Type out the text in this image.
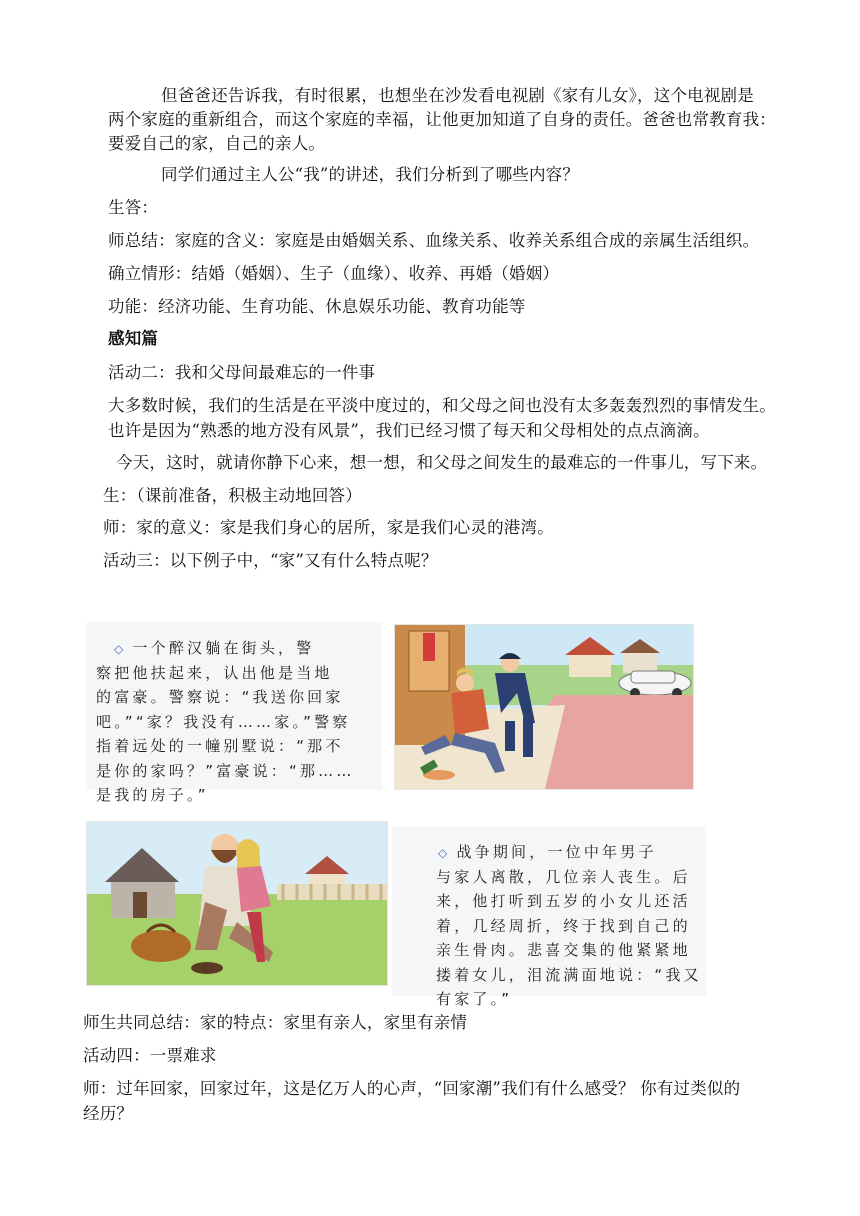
但爸爸还告诉我，有时很累，也想坐在沙发看电视剧《家有儿女》，这个电视剧是
两个家庭的重新组合，而这个家庭的幸福，让他更加知道了自身的责任。爸爸也常教育我：
要爱自己的家，自己的亲人。
同学们通过主人公“我”的讲述，我们分析到了哪些内容？
生答：
师总结：家庭的含义：家庭是由婚姻关系、血缘关系、收养关系组合成的亲属生活组织。
确立情形：结婚（婚姻）、生子（血缘）、收养、再婚（婚姻）
功能：经济功能、生育功能、休息娱乐功能、教育功能等
感知篇
活动二：我和父母间最难忘的一件事
大多数时候，我们的生活是在平淡中度过的，和父母之间也没有太多轰轰烈烈的事情发生。
也许是因为“熟悉的地方没有风景”，我们已经习惯了每天和父母相处的点点滴滴。
今天，这时，就请你静下心来，想一想，和父母之间发生的最难忘的一件事儿，写下来。
生：（课前准备，积极主动地回答）
师：家的意义：家是我们身心的居所，家是我们心灵的港湾。
活动三：以下例子中，“家”又有什么特点呢？
◇ 一个醉汉躺在街头，警
察把他扶起来，认出他是当地
的富豪。警察说：“我送你回家
吧。”“家？我没有……家。”警察
指着远处的一幢别墅说：“那不
是你的家吗？”富豪说：“那……
是我的房子。”
◇ 战争期间，一位中年男子
与家人离散，几位亲人丧生。后
来，他打听到五岁的小女儿还活
着，几经周折，终于找到自己的
亲生骨肉。悲喜交集的他紧紧地
搂着女儿，泪流满面地说：“我又
有家了。”
师生共同总结：家的特点：家里有亲人，家里有亲情
活动四：一票难求
师：过年回家，回家过年，这是亿万人的心声，“回家潮”我们有什么感受？ 你有过类似的
经历？
